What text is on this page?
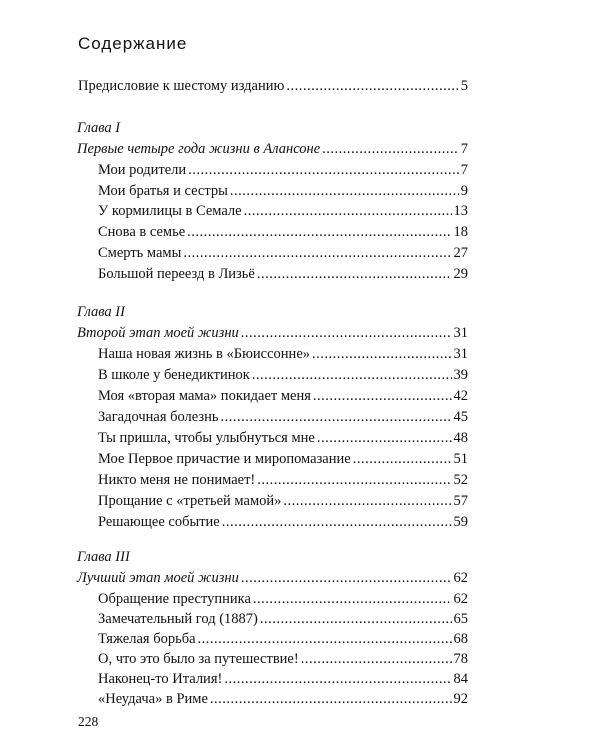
Содержание
Предисловие к шестому изданию .....	5
Глава I
Первые четыре года жизни в Алансоне .....	7
Мои родители .....	7
Мои братья и сестры .....	9
У кормилицы в Семале .....	13
Снова в семье .....	18
Смерть мамы .....	27
Большой переезд в Лизьё .....	29
Глава II
Второй этап моей жизни .....	31
Наша новая жизнь в «Бюиссонне» .....	31
В школе у бенедиктинок .....	39
Моя «вторая мама» покидает меня .....	42
Загадочная болезнь .....	45
Ты пришла, чтобы улыбнуться мне .....	48
Мое Первое причастие и миропомазание .....	51
Никто меня не понимает! .....	52
Прощание с «третьей мамой» .....	57
Решающее событие .....	59
Глава III
Лучший этап моей жизни .....	62
Обращение преступника .....	62
Замечательный год (1887) .....	65
Тяжелая борьба .....	68
О, что это было за путешествие! .....	78
Наконец-то Италия! .....	84
«Неудача» в Риме .....	92
228
